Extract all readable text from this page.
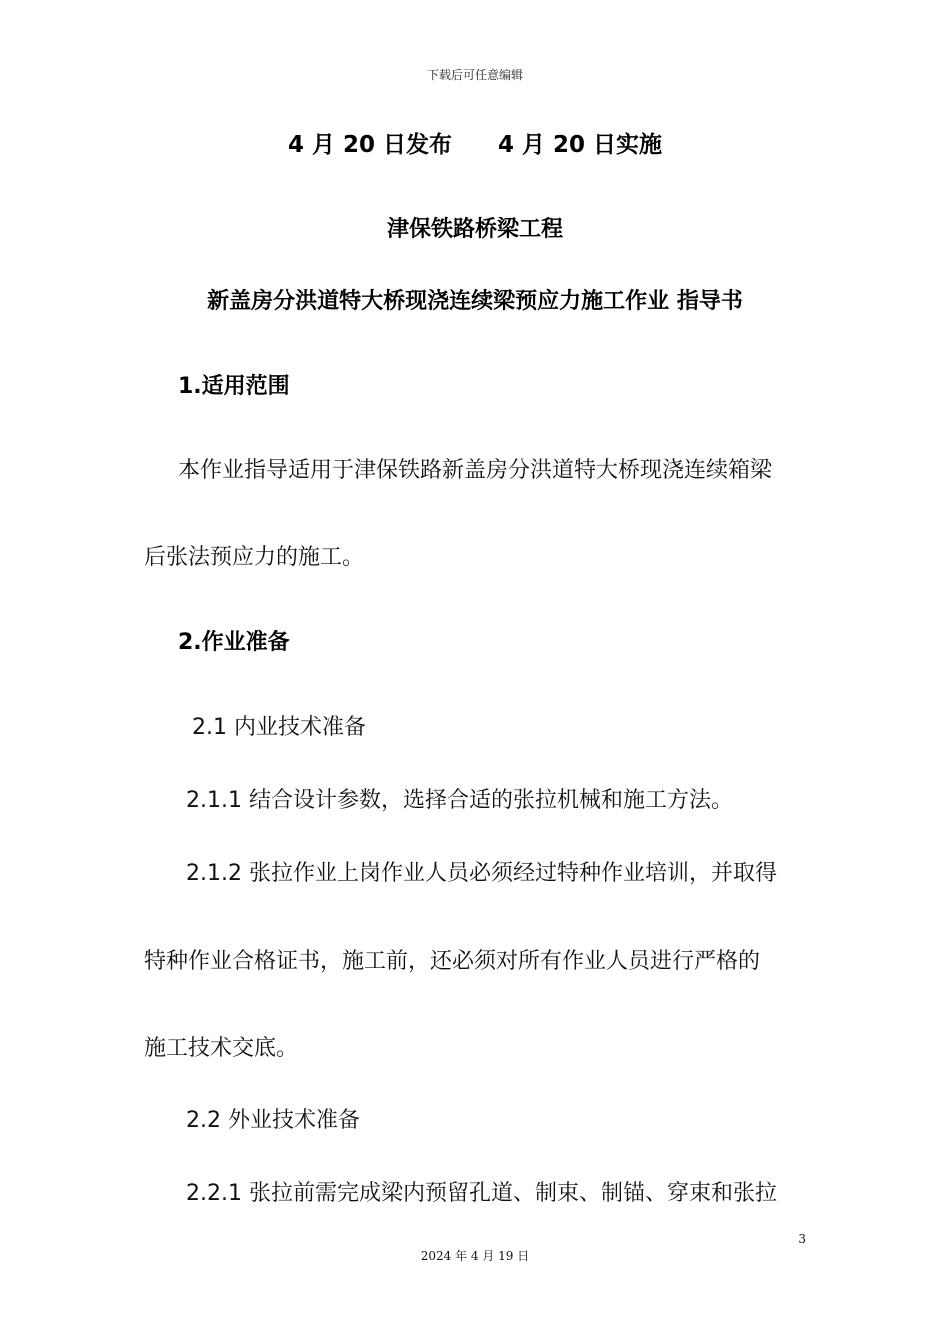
下载后可任意编辑
4 月 20 日发布　　4 月 20 日实施
津保铁路桥梁工程
新盖房分洪道特大桥现浇连续梁预应力施工作业 指导书
1.适用范围
本作业指导适用于津保铁路新盖房分洪道特大桥现浇连续箱梁
后张法预应力的施工。
2.作业准备
2.1 内业技术准备
2.1.1 结合设计参数，选择合适的张拉机械和施工方法。
2.1.2 张拉作业上岗作业人员必须经过特种作业培训，并取得
特种作业合格证书，施工前，还必须对所有作业人员进行严格的
施工技术交底。
2.2 外业技术准备
2.2.1 张拉前需完成梁内预留孔道、制束、制锚、穿束和张拉
3
2024 年 4 月 19 日
